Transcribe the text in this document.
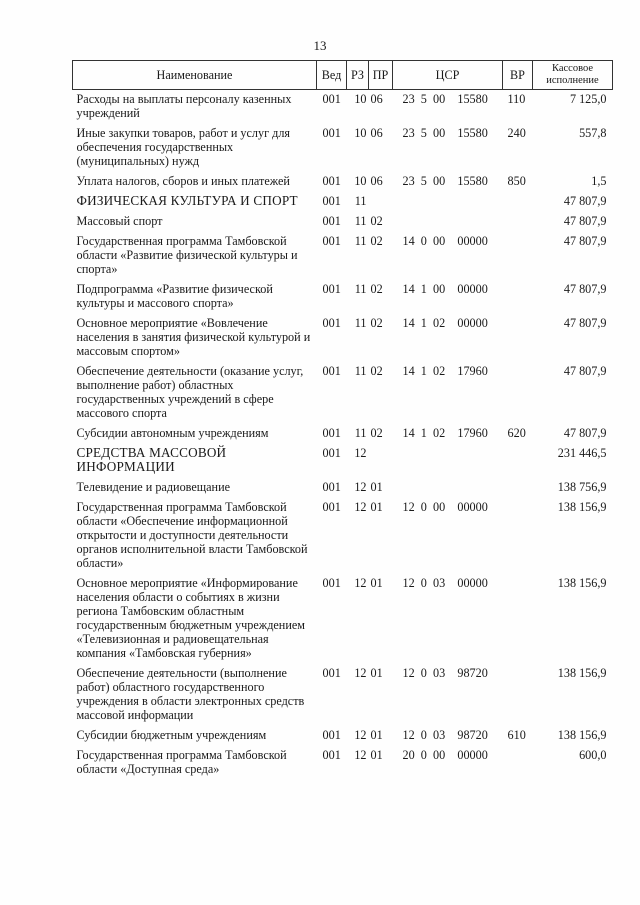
13
Наименование	Вед	РЗ	ПР	ЦСР	ВР	Кассовое исполнение
Расходы на выплаты персоналу казенных учреждений	001	10	06	23  5  00    15580	110	7 125,0
Иные закупки товаров, работ и услуг для обеспечения государственных (муниципальных) нужд	001	10	06	23  5  00    15580	240	557,8
Уплата налогов, сборов и иных платежей	001	10	06	23  5  00    15580	850	1,5
ФИЗИЧЕСКАЯ КУЛЬТУРА И СПОРТ	001	11				47 807,9
Массовый спорт	001	11	02			47 807,9
Государственная программа Тамбовской области «Развитие физической культуры и спорта»	001	11	02	14  0  00    00000		47 807,9
Подпрограмма «Развитие физической культуры и массового спорта»	001	11	02	14  1  00    00000		47 807,9
Основное мероприятие «Вовлечение населения в занятия физической культурой и массовым спортом»	001	11	02	14  1  02    00000		47 807,9
Обеспечение деятельности (оказание услуг, выполнение работ) областных государственных учреждений в сфере массового спорта	001	11	02	14  1  02    17960		47 807,9
Субсидии автономным учреждениям	001	11	02	14  1  02    17960	620	47 807,9
СРЕДСТВА МАССОВОЙ ИНФОРМАЦИИ	001	12				231 446,5
Телевидение и радиовещание	001	12	01			138 756,9
Государственная программа Тамбовской области «Обеспечение информационной открытости и доступности деятельности органов исполнительной власти Тамбовской области»	001	12	01	12  0  00    00000		138 156,9
Основное мероприятие «Информирование населения области о событиях в жизни региона Тамбовским областным государственным бюджетным учреждением «Телевизионная и радиовещательная компания «Тамбовская губерния»	001	12	01	12  0  03    00000		138 156,9
Обеспечение деятельности (выполнение работ) областного государственного учреждения в области электронных средств массовой информации	001	12	01	12  0  03    98720		138 156,9
Субсидии бюджетным учреждениям	001	12	01	12  0  03    98720	610	138 156,9
Государственная программа Тамбовской области «Доступная среда»	001	12	01	20  0  00    00000		600,0
